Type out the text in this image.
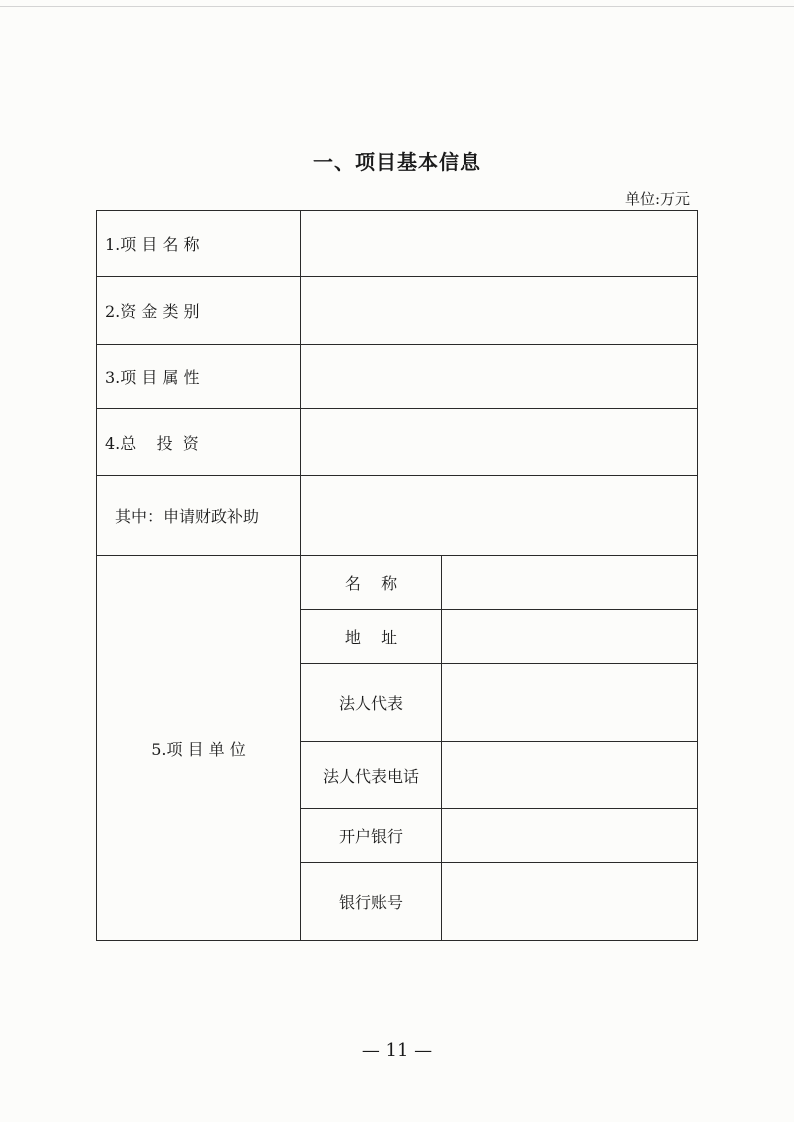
一、项目基本信息
单位:万元
1.项 目 名 称		
2.资 金 类 别		
3.项 目 属 性		
4.总    投  资		
其中：申请财政补助		
5.项 目 单 位	名    称	
	地    址	
	法人代表	
	法人代表电话	
	开户银行	
	银行账号	
— 11 —
